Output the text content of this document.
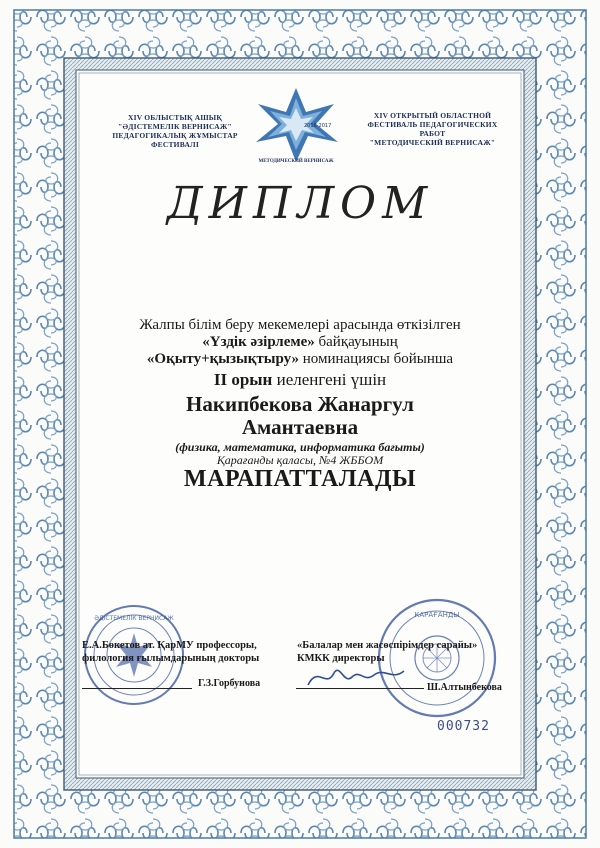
XIV ОБЛЫСТЫҚ АШЫҚ
"ӘДІСТЕМЕЛІК ВЕРНИСАЖ"
ПЕДАГОГИКАЛЫҚ ЖҰМЫСТАР ФЕСТИВАЛІ
2016-2017
МЕТОДИЧЕСКИЙ ВЕРНИСАЖ
XIV ОТКРЫТЫЙ ОБЛАСТНОЙ
ФЕСТИВАЛЬ ПЕДАГОГИЧЕСКИХ РАБОТ
"МЕТОДИЧЕСКИЙ ВЕРНИСАЖ"
ДИПЛОМ
Жалпы білім беру мекемелері арасында өткізілген
«Үздік әзірлеме» байқауының
«Оқыту+қызықтыру» номинациясы бойынша
II орын иеленгені үшін
Накипбекова Жанаргул
Амантаевна
(физика, математика, информатика бағыты)
Қарағанды қаласы, №4 ЖББОМ
МАРАПАТТАЛАДЫ
ӘДІСТЕМЕЛІК ВЕРНИСАЖ	КАРАҒАНДЫ
Е.А.Бөкетов ат. ҚарМУ профессоры,
филология ғылымдарының докторы
Г.З.Горбунова
«Балалар мен жасөспірімдер сарайы»
КМКК директоры
Ш.Алтынбекова
000732
